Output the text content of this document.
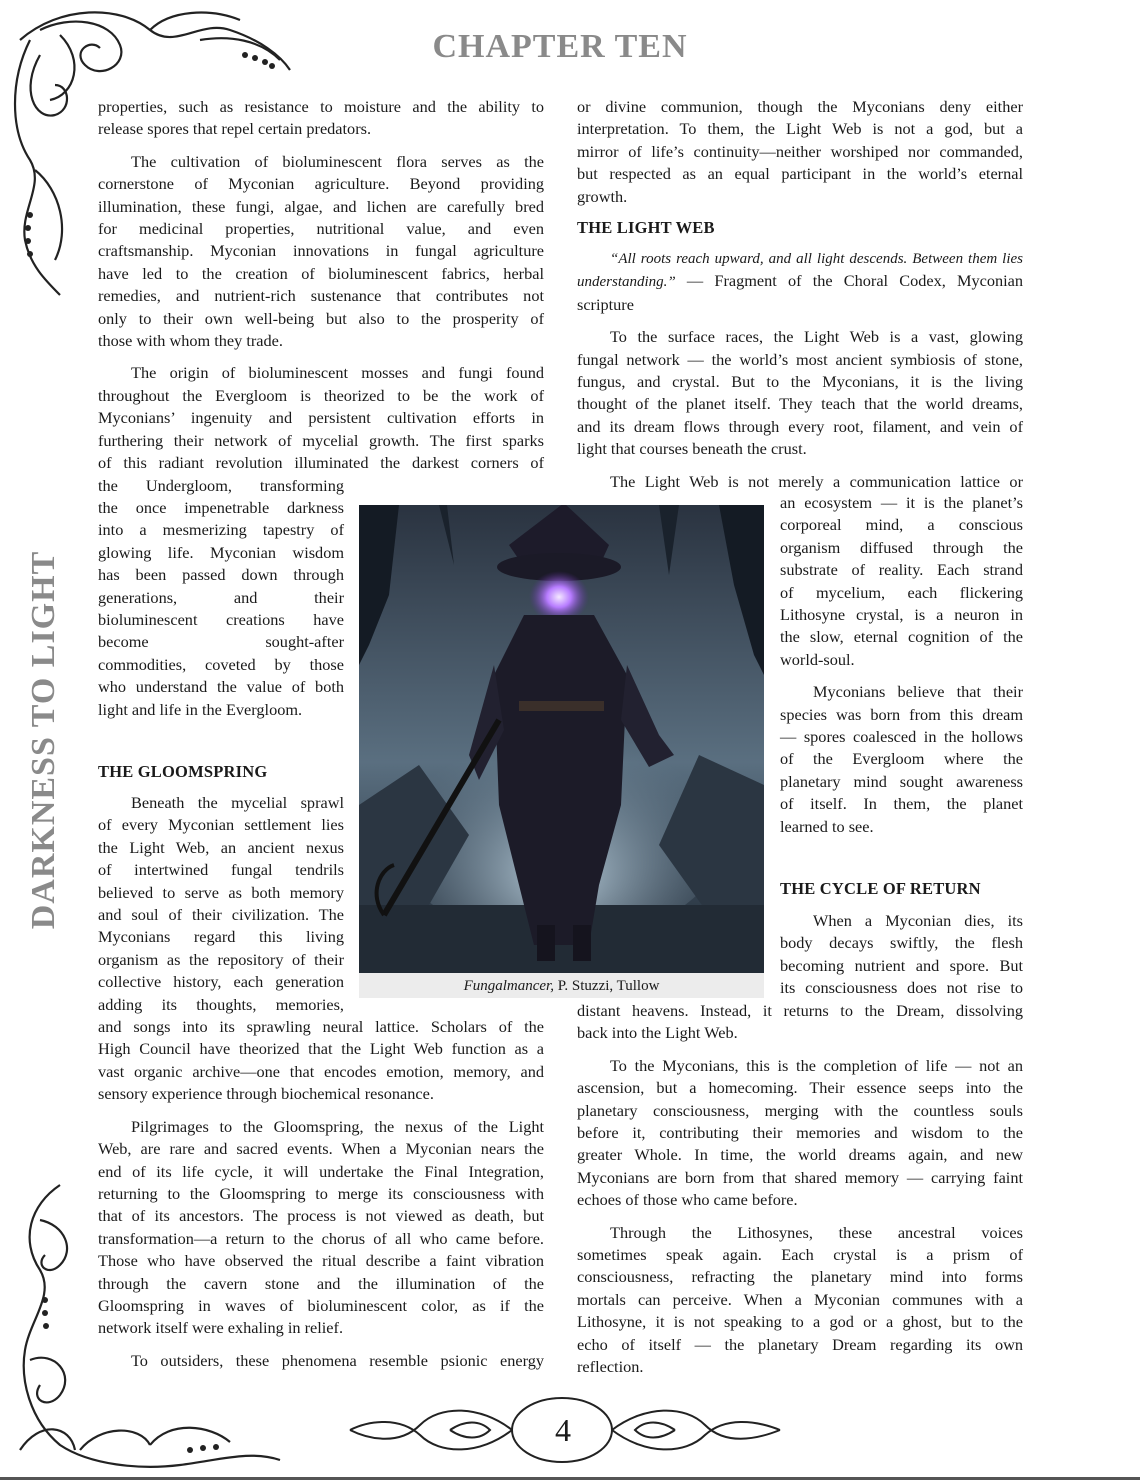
CHAPTER TEN
DARKNESS TO LIGHT

properties, such as resistance to moisture and the ability to
release spores that repel certain predators.

The cultivation of bioluminescent flora serves as the
cornerstone of Myconian agriculture. Beyond providing
illumination, these fungi, algae, and lichen are carefully bred
for medicinal properties, nutritional value, and even
craftsmanship. Myconian innovations in fungal agriculture
have led to the creation of bioluminescent fabrics, herbal
remedies, and nutrient-rich sustenance that contributes not
only to their own well-being but also to the prosperity of
those with whom they trade.

The origin of bioluminescent mosses and fungi found
throughout the Evergloom is theorized to be the work of
Myconians’ ingenuity and persistent cultivation efforts in
furthering their network of mycelial growth. The first sparks
of this radiant revolution illuminated the darkest corners of

the Undergloom, transforming
the once impenetrable darkness
into a mesmerizing tapestry of
glowing life. Myconian wisdom
has been passed down through
generations, and their
bioluminescent creations have
become sought-after
commodities, coveted by those
who understand the value of both
light and life in the Evergloom.
THE GLOOMSPRING
Beneath the mycelial sprawl
of every Myconian settlement lies
the Light Web, an ancient nexus
of intertwined fungal tendrils
believed to serve as both memory
and soul of their civilization. The
Myconians regard this living
organism as the repository of their
collective history, each generation
adding its thoughts, memories,
and songs into its sprawling neural lattice. Scholars of the
High Council have theorized that the Light Web function as a
vast organic archive—one that encodes emotion, memory, and
sensory experience through biochemical resonance.

Pilgrimages to the Gloomspring, the nexus of the Light
Web, are rare and sacred events. When a Myconian nears the
end of its life cycle, it will undertake the Final Integration,
returning to the Gloomspring to merge its consciousness with
that of its ancestors. The process is not viewed as death, but
transformation—a return to the chorus of all who came before.
Those who have observed the ritual describe a faint vibration
through the cavern stone and the illumination of the
Gloomspring in waves of bioluminescent color, as if the
network itself were exhaling in relief.

To outsiders, these phenomena resemble psionic energy

or divine communion, though the Myconians deny either
interpretation. To them, the Light Web is not a god, but a
mirror of life’s continuity—neither worshiped nor commanded,
but respected as an equal participant in the world’s eternal
growth.

THE LIGHT WEB

“All roots reach upward, and all light descends. Between them lies
understanding.” — Fragment of the Choral Codex, Myconian
scripture

To the surface races, the Light Web is a vast, glowing
fungal network — the world’s most ancient symbiosis of stone,
fungus, and crystal. But to the Myconians, it is the living
thought of the planet itself. They teach that the world dreams,
and its dream flows through every root, filament, and vein of
light that courses beneath the crust.

The Light Web is not merely a communication lattice or
an ecosystem — it is the planet’s
corporeal mind, a conscious
organism diffused through the
substrate of reality. Each strand
of mycelium, each flickering
Lithosyne crystal, is a neuron in
the slow, eternal cognition of the
world-soul.
Myconians believe that their
species was born from this dream
— spores coalesced in the hollows
of the Evergloom where the
planetary mind sought awareness
of itself. In them, the planet
learned to see.
THE CYCLE OF RETURN
When a Myconian dies, its
body decays swiftly, the flesh
becoming nutrient and spore. But
its consciousness does not rise to
distant heavens. Instead, it returns to the Dream, dissolving
back into the Light Web.

To the Myconians, this is the completion of life — not an
ascension, but a homecoming. Their essence seeps into the
planetary consciousness, merging with the countless souls
before it, contributing their memories and wisdom to the
greater Whole. In time, the world dreams again, and new
Myconians are born from that shared memory — carrying faint
echoes of those who came before.

Through the Lithosynes, these ancestral voices
sometimes speak again. Each crystal is a prism of
consciousness, refracting the planetary mind into forms
mortals can perceive. When a Myconian communes with a
Lithosyne, it is not speaking to a god or a ghost, but to the
echo of itself — the planetary Dream regarding its own
reflection.

Fungalmancer, P. Stuzzi, Tullow
4
